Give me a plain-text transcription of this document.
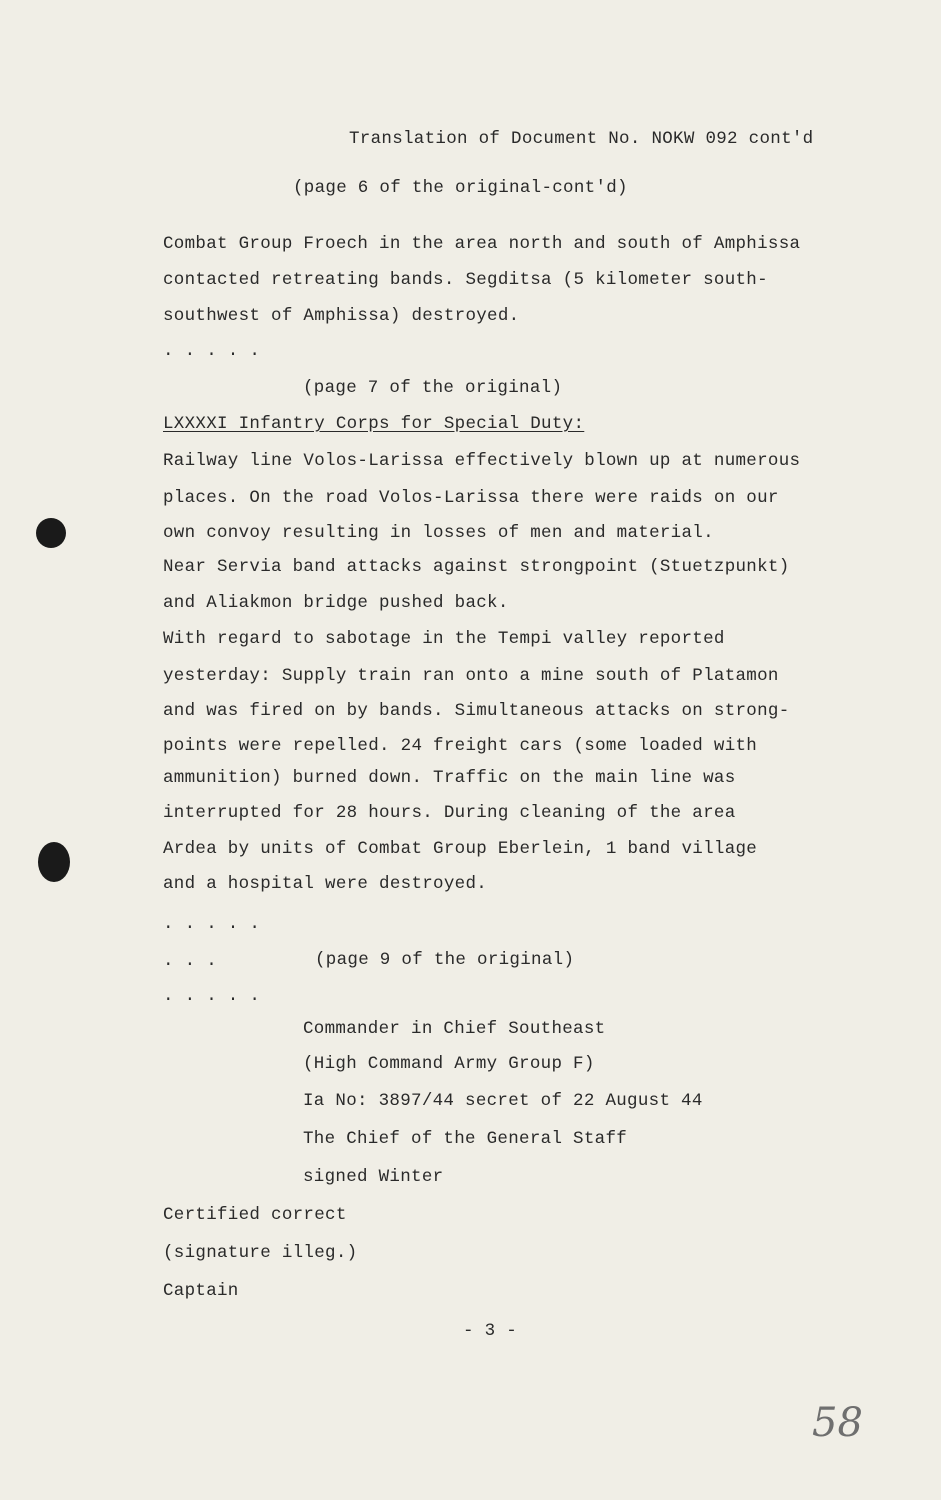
Translation of Document No. NOKW 092 cont'd
(page 6 of the original-cont'd)
Combat Group Froech in the area north and south of Amphissa
contacted retreating bands. Segditsa (5 kilometer south-
southwest of Amphissa) destroyed.
. . . . .
(page 7 of the original)
LXXXXI Infantry Corps for Special Duty:
Railway line Volos-Larissa effectively blown up at numerous
places. On the road Volos-Larissa there were raids on our
own convoy resulting in losses of men and material.
Near Servia band attacks against strongpoint (Stuetzpunkt)
and Aliakmon bridge pushed back.
With regard to sabotage in the Tempi valley reported
yesterday: Supply train ran onto a mine south of Platamon
and was fired on by bands. Simultaneous attacks on strong-
points were repelled. 24 freight cars (some loaded with
ammunition) burned down. Traffic on the main line was
interrupted for 28 hours. During cleaning of the area
Ardea by units of Combat Group Eberlein, 1 band village
and a hospital were destroyed.
. . . . .
. . .	(page 9 of the original)
. . . . .
Commander in Chief Southeast
(High Command Army Group F)
Ia No: 3897/44 secret of 22 August 44
The Chief of the General Staff
signed Winter
Certified correct
(signature illeg.)
Captain
- 3 -
58
